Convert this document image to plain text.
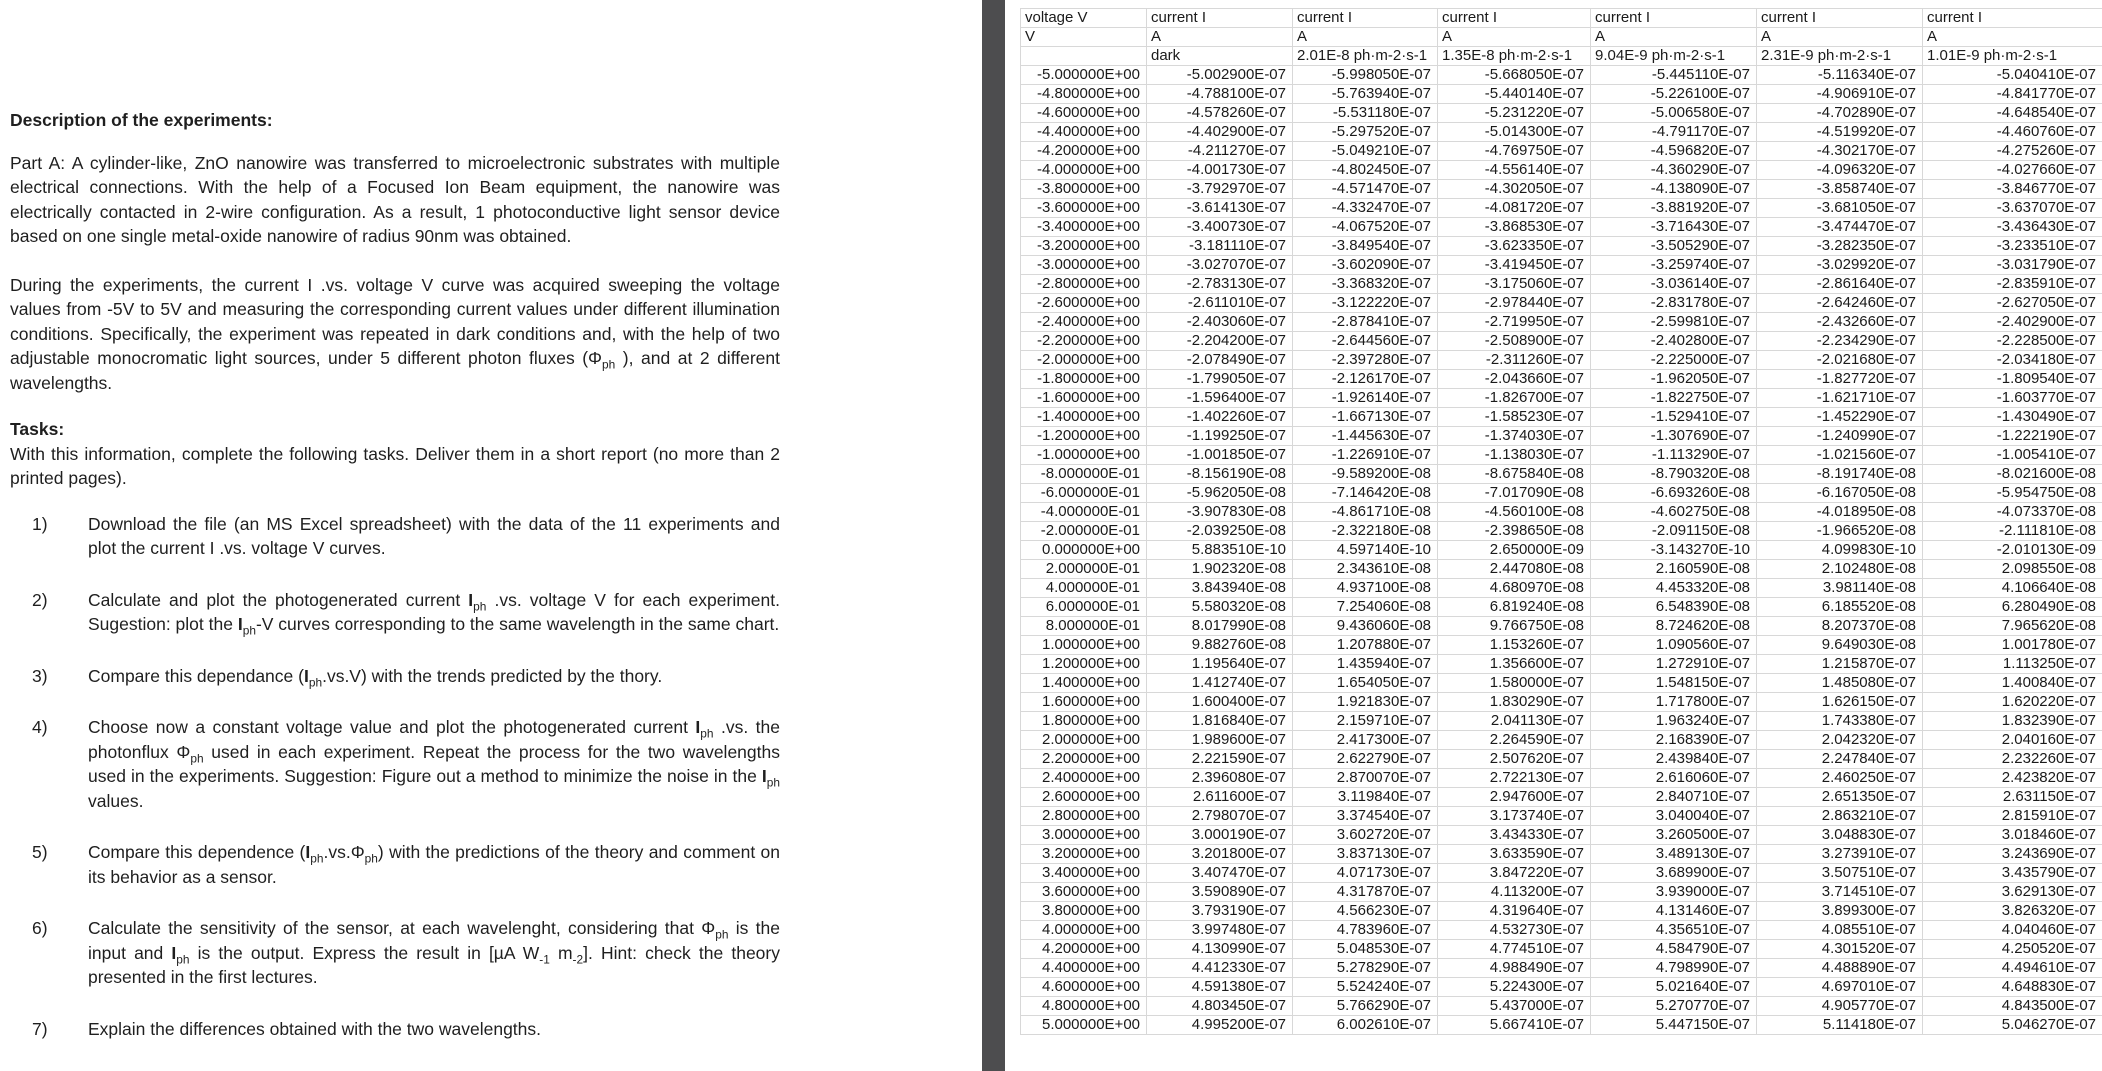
Description of the experiments:

Part A: A cylinder-like, ZnO nanowire was transferred to microelectronic substrates with multiple electrical connections. With the help of a Focused Ion Beam equipment, the nanowire was electrically contacted in 2-wire configuration. As a result, 1 photoconductive light sensor device based on one single metal-oxide nanowire of radius 90nm was obtained.

During the experiments, the current I .vs. voltage V curve was acquired sweeping the voltage values from -5V to 5V and measuring the corresponding current values under different illumination conditions. Specifically, the experiment was repeated in dark conditions and, with the help of two adjustable monocromatic light sources, under 5 different photon fluxes ($\Phi_{ph}$ ), and at 2 different wavelengths.

Tasks:

With this information, complete the following tasks. Deliver them in a short report (no more than 2 printed pages).

1) Download the file (an MS Excel spreadsheet) with the data of the 11 experiments and plot the current I .vs. voltage V curves.
2) Calculate and plot the photogenerated current $I_{ph}$ .vs. voltage V for each experiment. Sugestion: plot the $I_{ph}-V$ curves corresponding to the same wavelength in the same chart.
3) Compare this dependance $(I_{ph}.vs.V)$ with the trends predicted by the thory.
4) Choose now a constant voltage value and plot the photogenerated current $I_{ph}$ .vs. the photonflux $\Phi_{ph}$ used in each experiment. Repeat the process for the two wavelengths used in the experiments. Suggestion: Figure out a method to minimize the noise in the $I_{ph}$ values.
5) Compare this dependence $(I_{ph}.vs.\Phi_{ph})$ with the predictions of the theory and comment on its behavior as a sensor.
6) Calculate the sensitivity of the sensor, at each wavelenght, considering that $\Phi_{ph}$ is the input and $I_{ph}$ is the output. Express the result in [µA $W_{-1}$ $m_{-2}$]. Hint: check the theory presented in the first lectures.
7) Explain the differences obtained with the two wavelengths.
voltage V	current I	current I	current I	current I	current I	current I
V	A	A	A	A	A	A
	dark	2.01E-8 ph·m-2·s-1	1.35E-8 ph·m-2·s-1	9.04E-9 ph·m-2·s-1	2.31E-9 ph·m-2·s-1	1.01E-9 ph·m-2·s-1
-5.000000E+00	-5.002900E-07	-5.998050E-07	-5.668050E-07	-5.445110E-07	-5.116340E-07	-5.040410E-07
-4.800000E+00	-4.788100E-07	-5.763940E-07	-5.440140E-07	-5.226100E-07	-4.906910E-07	-4.841770E-07
-4.600000E+00	-4.578260E-07	-5.531180E-07	-5.231220E-07	-5.006580E-07	-4.702890E-07	-4.648540E-07
-4.400000E+00	-4.402900E-07	-5.297520E-07	-5.014300E-07	-4.791170E-07	-4.519920E-07	-4.460760E-07
-4.200000E+00	-4.211270E-07	-5.049210E-07	-4.769750E-07	-4.596820E-07	-4.302170E-07	-4.275260E-07
-4.000000E+00	-4.001730E-07	-4.802450E-07	-4.556140E-07	-4.360290E-07	-4.096320E-07	-4.027660E-07
-3.800000E+00	-3.792970E-07	-4.571470E-07	-4.302050E-07	-4.138090E-07	-3.858740E-07	-3.846770E-07
-3.600000E+00	-3.614130E-07	-4.332470E-07	-4.081720E-07	-3.881920E-07	-3.681050E-07	-3.637070E-07
-3.400000E+00	-3.400730E-07	-4.067520E-07	-3.868530E-07	-3.716430E-07	-3.474470E-07	-3.436430E-07
-3.200000E+00	-3.181110E-07	-3.849540E-07	-3.623350E-07	-3.505290E-07	-3.282350E-07	-3.233510E-07
-3.000000E+00	-3.027070E-07	-3.602090E-07	-3.419450E-07	-3.259740E-07	-3.029920E-07	-3.031790E-07
-2.800000E+00	-2.783130E-07	-3.368320E-07	-3.175060E-07	-3.036140E-07	-2.861640E-07	-2.835910E-07
-2.600000E+00	-2.611010E-07	-3.122220E-07	-2.978440E-07	-2.831780E-07	-2.642460E-07	-2.627050E-07
-2.400000E+00	-2.403060E-07	-2.878410E-07	-2.719950E-07	-2.599810E-07	-2.432660E-07	-2.402900E-07
-2.200000E+00	-2.204200E-07	-2.644560E-07	-2.508900E-07	-2.402800E-07	-2.234290E-07	-2.228500E-07
-2.000000E+00	-2.078490E-07	-2.397280E-07	-2.311260E-07	-2.225000E-07	-2.021680E-07	-2.034180E-07
-1.800000E+00	-1.799050E-07	-2.126170E-07	-2.043660E-07	-1.962050E-07	-1.827720E-07	-1.809540E-07
-1.600000E+00	-1.596400E-07	-1.926140E-07	-1.826700E-07	-1.822750E-07	-1.621710E-07	-1.603770E-07
-1.400000E+00	-1.402260E-07	-1.667130E-07	-1.585230E-07	-1.529410E-07	-1.452290E-07	-1.430490E-07
-1.200000E+00	-1.199250E-07	-1.445630E-07	-1.374030E-07	-1.307690E-07	-1.240990E-07	-1.222190E-07
-1.000000E+00	-1.001850E-07	-1.226910E-07	-1.138030E-07	-1.113290E-07	-1.021560E-07	-1.005410E-07
-8.000000E-01	-8.156190E-08	-9.589200E-08	-8.675840E-08	-8.790320E-08	-8.191740E-08	-8.021600E-08
-6.000000E-01	-5.962050E-08	-7.146420E-08	-7.017090E-08	-6.693260E-08	-6.167050E-08	-5.954750E-08
-4.000000E-01	-3.907830E-08	-4.861710E-08	-4.560100E-08	-4.602750E-08	-4.018950E-08	-4.073370E-08
-2.000000E-01	-2.039250E-08	-2.322180E-08	-2.398650E-08	-2.091150E-08	-1.966520E-08	-2.111810E-08
0.000000E+00	5.883510E-10	4.597140E-10	2.650000E-09	-3.143270E-10	4.099830E-10	-2.010130E-09
2.000000E-01	1.902320E-08	2.343610E-08	2.447080E-08	2.160590E-08	2.102480E-08	2.098550E-08
4.000000E-01	3.843940E-08	4.937100E-08	4.680970E-08	4.453320E-08	3.981140E-08	4.106640E-08
6.000000E-01	5.580320E-08	7.254060E-08	6.819240E-08	6.548390E-08	6.185520E-08	6.280490E-08
8.000000E-01	8.017990E-08	9.436060E-08	9.766750E-08	8.724620E-08	8.207370E-08	7.965620E-08
1.000000E+00	9.882760E-08	1.207880E-07	1.153260E-07	1.090560E-07	9.649030E-08	1.001780E-07
1.200000E+00	1.195640E-07	1.435940E-07	1.356600E-07	1.272910E-07	1.215870E-07	1.113250E-07
1.400000E+00	1.412740E-07	1.654050E-07	1.580000E-07	1.548150E-07	1.485080E-07	1.400840E-07
1.600000E+00	1.600400E-07	1.921830E-07	1.830290E-07	1.717800E-07	1.626150E-07	1.620220E-07
1.800000E+00	1.816840E-07	2.159710E-07	2.041130E-07	1.963240E-07	1.743380E-07	1.832390E-07
2.000000E+00	1.989600E-07	2.417300E-07	2.264590E-07	2.168390E-07	2.042320E-07	2.040160E-07
2.200000E+00	2.221590E-07	2.622790E-07	2.507620E-07	2.439840E-07	2.247840E-07	2.232260E-07
2.400000E+00	2.396080E-07	2.870070E-07	2.722130E-07	2.616060E-07	2.460250E-07	2.423820E-07
2.600000E+00	2.611600E-07	3.119840E-07	2.947600E-07	2.840710E-07	2.651350E-07	2.631150E-07
2.800000E+00	2.798070E-07	3.374540E-07	3.173740E-07	3.040040E-07	2.863210E-07	2.815910E-07
3.000000E+00	3.000190E-07	3.602720E-07	3.434330E-07	3.260500E-07	3.048830E-07	3.018460E-07
3.200000E+00	3.201800E-07	3.837130E-07	3.633590E-07	3.489130E-07	3.273910E-07	3.243690E-07
3.400000E+00	3.407470E-07	4.071730E-07	3.847220E-07	3.689900E-07	3.507510E-07	3.435790E-07
3.600000E+00	3.590890E-07	4.317870E-07	4.113200E-07	3.939000E-07	3.714510E-07	3.629130E-07
3.800000E+00	3.793190E-07	4.566230E-07	4.319640E-07	4.131460E-07	3.899300E-07	3.826320E-07
4.000000E+00	3.997480E-07	4.783960E-07	4.532730E-07	4.356510E-07	4.085510E-07	4.040460E-07
4.200000E+00	4.130990E-07	5.048530E-07	4.774510E-07	4.584790E-07	4.301520E-07	4.250520E-07
4.400000E+00	4.412330E-07	5.278290E-07	4.988490E-07	4.798990E-07	4.488890E-07	4.494610E-07
4.600000E+00	4.591380E-07	5.524240E-07	5.224300E-07	5.021640E-07	4.697010E-07	4.648830E-07
4.800000E+00	4.803450E-07	5.766290E-07	5.437000E-07	5.270770E-07	4.905770E-07	4.843500E-07
5.000000E+00	4.995200E-07	6.002610E-07	5.667410E-07	5.447150E-07	5.114180E-07	5.046270E-07
